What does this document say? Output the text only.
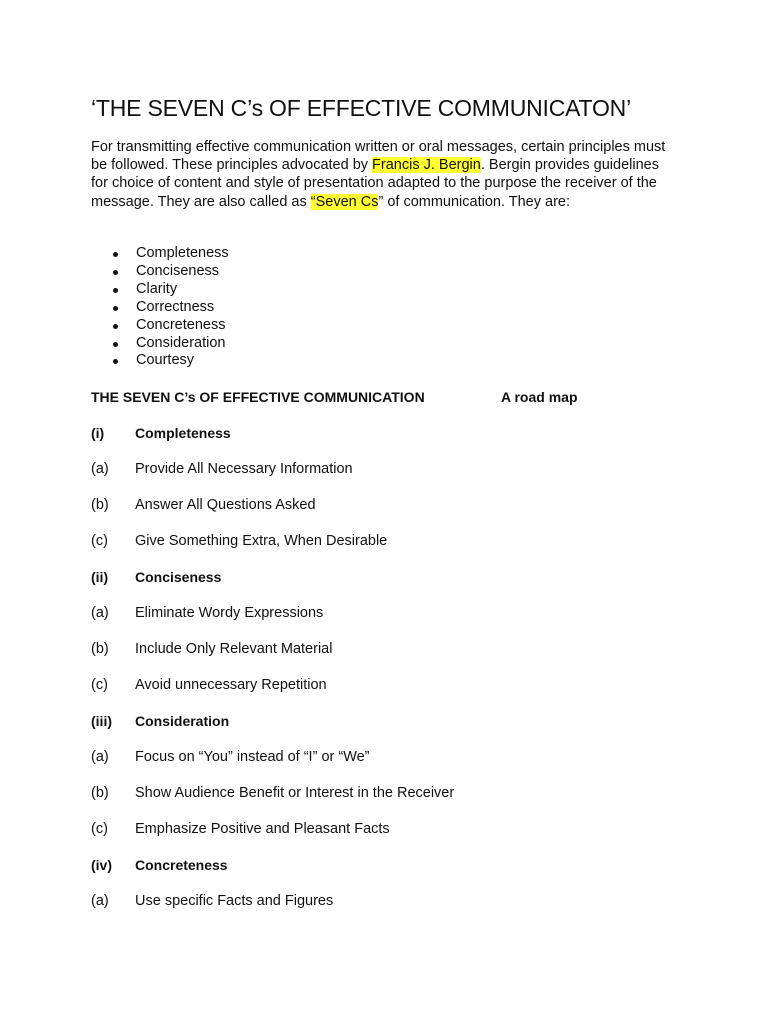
‘THE SEVEN C’s OF EFFECTIVE COMMUNICATON’

For transmitting effective communication written or oral messages, certain principles must be followed. These principles advocated by Francis J. Bergin. Bergin provides guidelines for choice of content and style of presentation adapted to the purpose the receiver of the message. They are also called as “Seven Cs” of communication. They are:

Completeness
Conciseness
Clarity
Correctness
Concreteness
Consideration
Courtesy
THE SEVEN C’s OF EFFECTIVE COMMUNICATION	A road map
(i) Completeness
(a) Provide All Necessary Information
(b) Answer All Questions Asked
(c) Give Something Extra, When Desirable
(ii) Conciseness
(a) Eliminate Wordy Expressions
(b) Include Only Relevant Material
(c) Avoid unnecessary Repetition
(iii) Consideration
(a) Focus on “You” instead of “I” or “We”
(b) Show Audience Benefit or Interest in the Receiver
(c) Emphasize Positive and Pleasant Facts
(iv) Concreteness
(a) Use specific Facts and Figures
